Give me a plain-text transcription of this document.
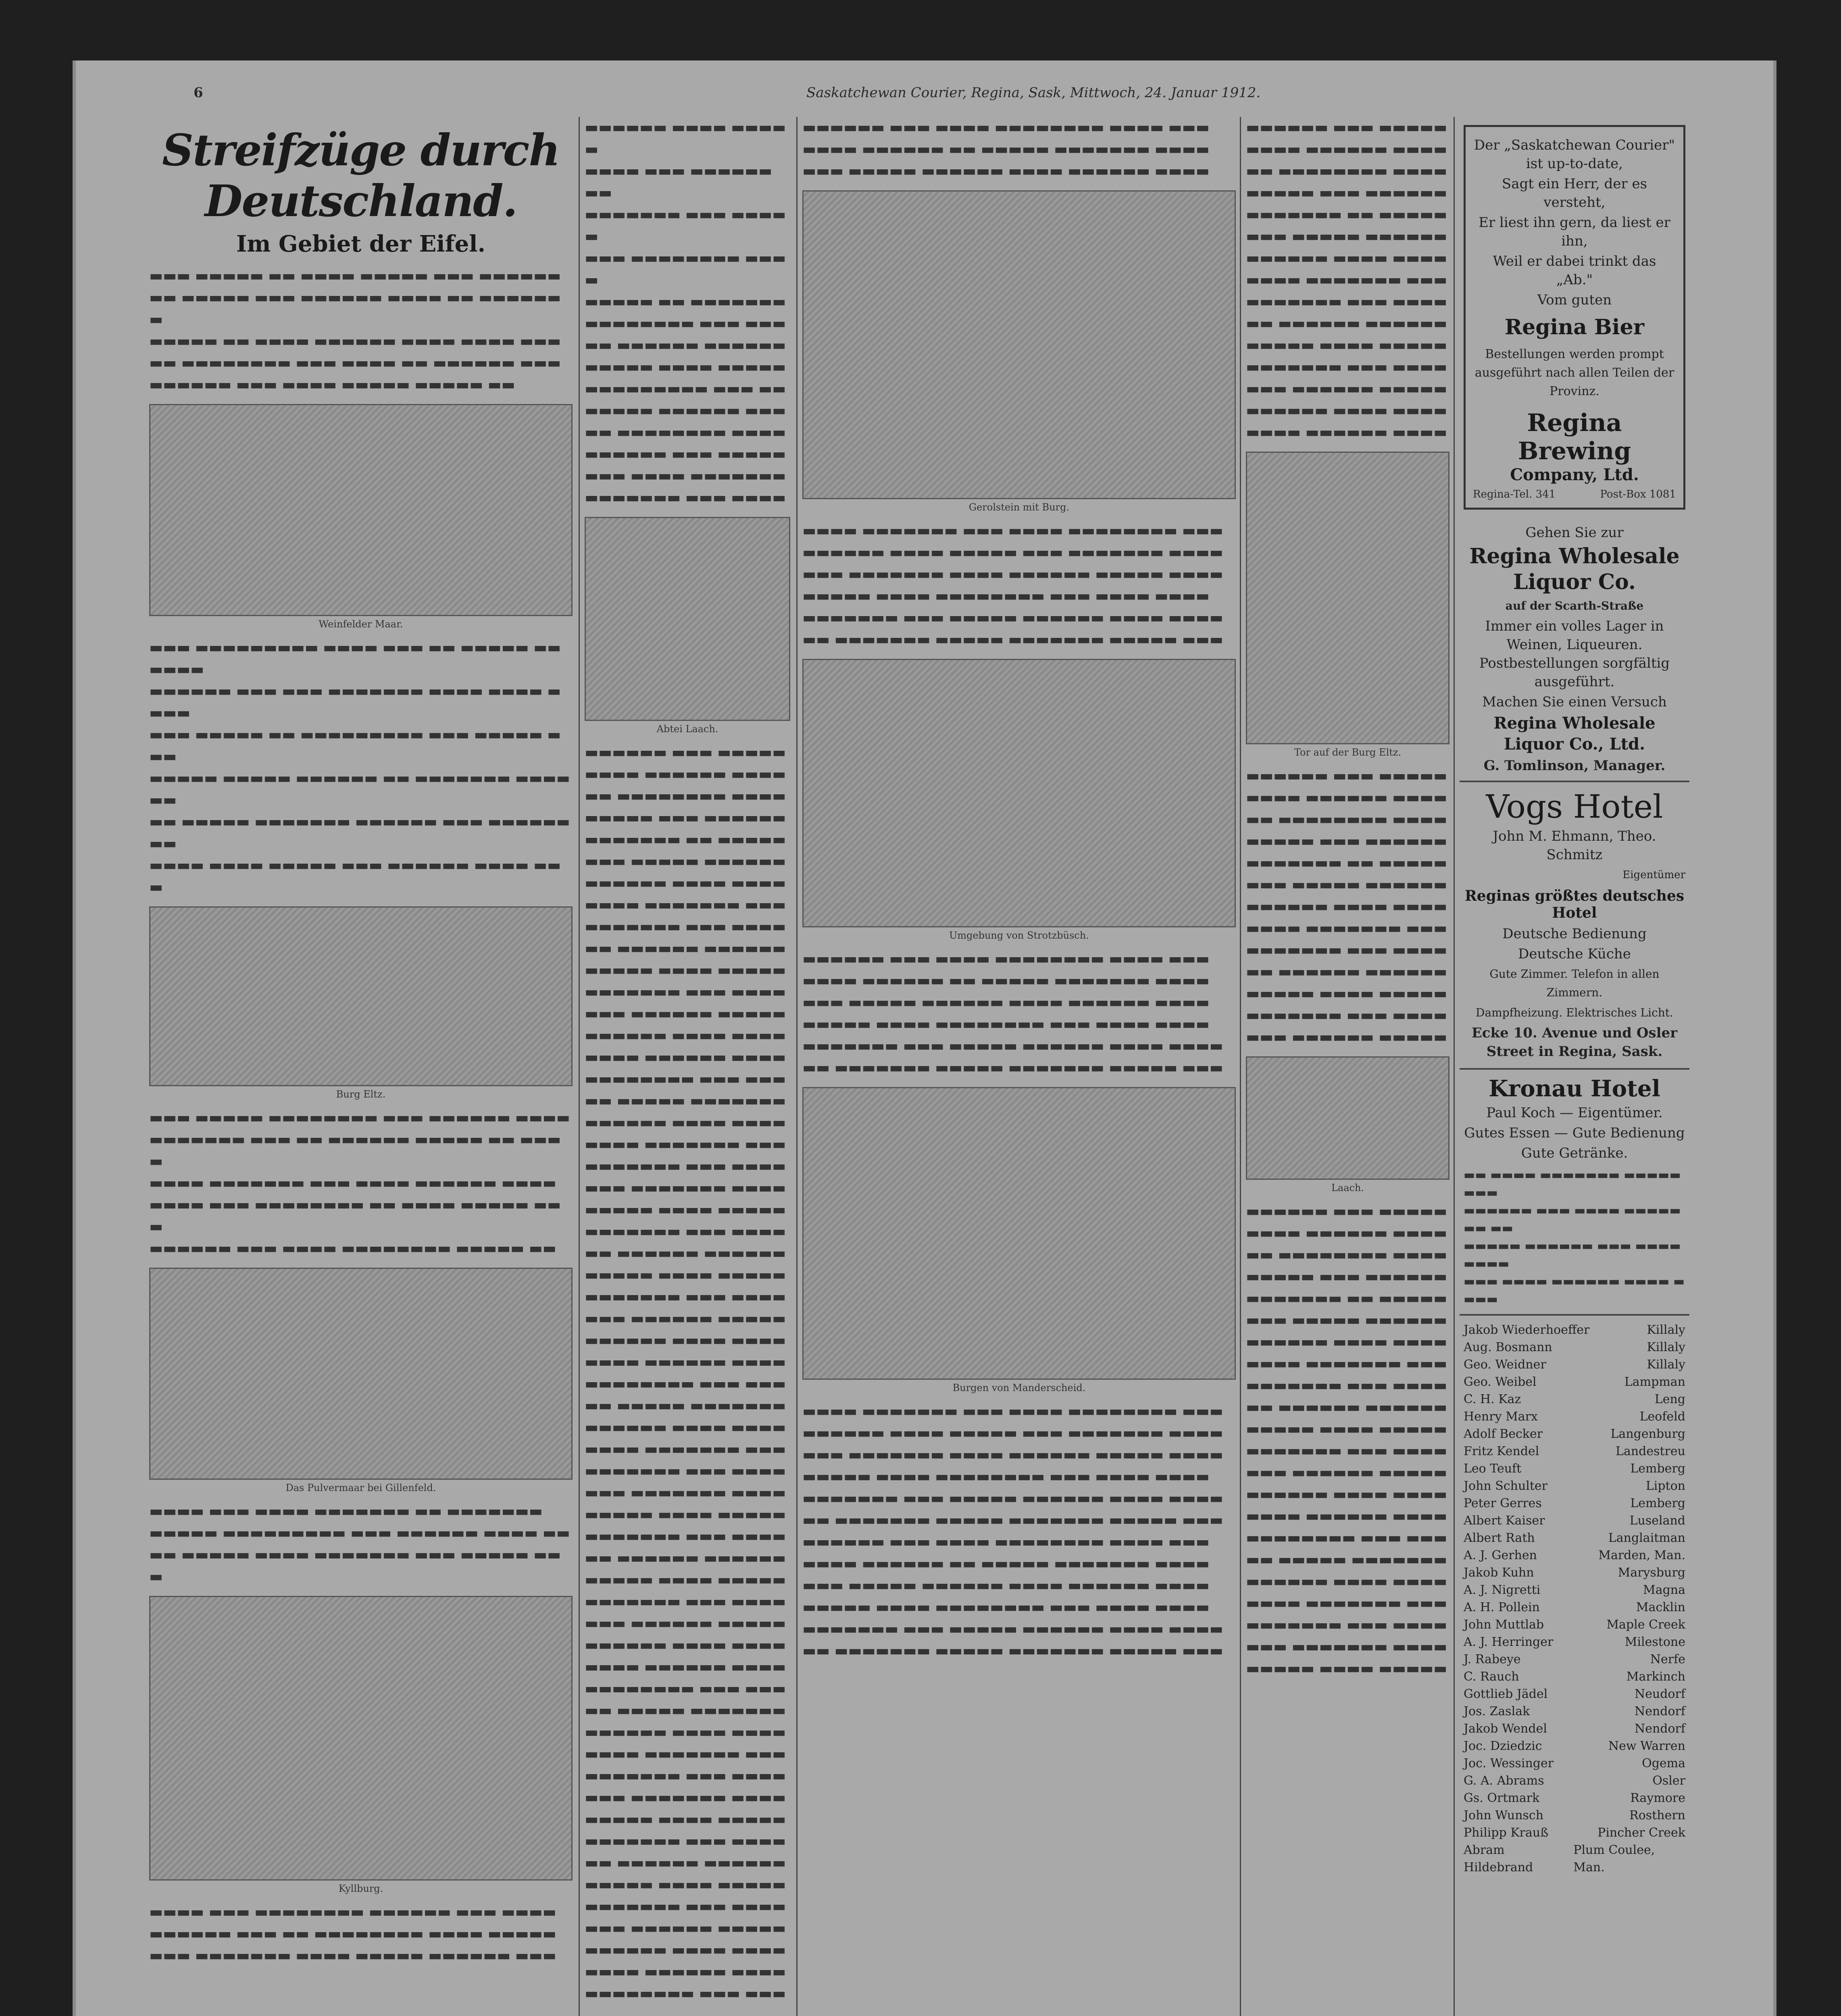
6	Saskatchewan Courier, Regina, Sask, Mittwoch, 24. Januar 1912.
Streifzüge durch Deutschland.
Im Gebiet der Eifel.
▬▬▬ ▬▬▬▬▬ ▬▬ ▬▬▬▬ ▬▬▬▬▬ ▬▬▬ ▬▬▬▬▬▬
▬▬ ▬▬▬▬▬ ▬▬▬ ▬▬▬▬▬▬ ▬▬▬▬ ▬▬ ▬▬▬▬▬▬▬
▬▬▬▬▬ ▬▬ ▬▬▬▬ ▬▬▬▬▬▬ ▬▬▬▬ ▬▬▬▬ ▬▬▬
▬▬ ▬▬▬▬▬▬▬▬ ▬▬▬ ▬▬▬▬ ▬▬ ▬▬▬▬▬▬ ▬▬▬
▬▬▬▬▬▬ ▬▬▬ ▬▬▬▬ ▬▬▬▬▬ ▬▬▬▬▬ ▬▬
Weinfelder Maar.
▬▬▬ ▬▬▬▬▬▬▬▬▬ ▬▬▬▬ ▬▬▬ ▬▬ ▬▬▬▬▬ ▬▬▬▬▬▬
▬▬▬▬▬▬ ▬▬▬ ▬▬▬ ▬▬▬▬▬▬▬ ▬▬▬▬ ▬▬▬▬ ▬▬▬▬
▬▬▬ ▬▬▬▬▬ ▬▬ ▬▬▬▬▬▬▬▬▬ ▬▬▬ ▬▬▬▬▬ ▬▬▬
▬▬▬▬▬ ▬▬▬▬▬ ▬▬▬▬▬▬ ▬▬ ▬▬▬▬▬▬▬ ▬▬▬▬ ▬▬
▬▬ ▬▬▬▬▬ ▬▬▬▬▬▬▬ ▬▬▬▬▬▬ ▬▬▬ ▬▬▬▬▬▬▬▬
▬▬▬▬ ▬▬▬▬ ▬▬▬▬▬ ▬▬▬ ▬▬▬▬▬▬ ▬▬▬▬ ▬▬▬
Burg Eltz.
▬▬▬ ▬▬▬▬▬ ▬▬▬▬▬▬▬▬ ▬▬▬ ▬▬▬▬▬▬ ▬▬▬▬
▬▬▬▬▬▬▬ ▬▬▬ ▬▬ ▬▬▬▬▬▬ ▬▬▬▬▬ ▬▬ ▬▬▬▬
▬▬▬▬ ▬▬▬▬▬▬▬ ▬▬▬ ▬▬▬▬ ▬▬▬▬▬▬ ▬▬▬▬
▬▬▬▬ ▬▬▬ ▬▬▬▬▬▬▬▬ ▬▬ ▬▬▬▬ ▬▬▬▬▬ ▬▬▬
▬▬▬▬▬▬ ▬▬▬ ▬▬▬▬ ▬▬▬▬▬▬▬▬ ▬▬▬▬▬ ▬▬
Das Pulvermaar bei Gillenfeld.
▬▬▬▬ ▬▬▬ ▬▬▬▬ ▬▬▬▬▬▬▬ ▬▬ ▬▬▬▬▬▬▬
▬▬▬▬▬ ▬▬▬▬▬▬▬▬▬ ▬▬▬ ▬▬▬▬▬▬ ▬▬▬▬ ▬▬
▬▬ ▬▬▬▬▬ ▬▬▬▬ ▬▬▬▬▬▬▬ ▬▬▬ ▬▬▬▬▬ ▬▬▬
Kyllburg.
▬▬▬▬ ▬▬▬ ▬▬▬▬▬▬▬▬ ▬▬▬▬▬▬ ▬▬▬ ▬▬▬▬
▬▬▬▬▬▬ ▬▬▬ ▬▬ ▬▬▬▬▬▬▬▬ ▬▬▬▬ ▬▬▬▬▬
▬▬▬ ▬▬▬▬▬▬▬ ▬▬▬▬ ▬▬▬▬▬ ▬▬▬▬▬▬ ▬▬▬
▬▬▬▬▬▬ ▬▬▬▬ ▬▬▬▬▬
▬▬▬▬ ▬▬▬ ▬▬▬▬▬▬ ▬▬
▬▬▬▬▬▬▬ ▬▬▬ ▬▬▬▬▬
▬▬▬ ▬▬▬▬▬▬▬▬ ▬▬▬▬
▬▬▬▬▬ ▬▬ ▬▬▬▬▬▬▬
▬▬▬▬▬▬▬▬ ▬▬▬ ▬▬▬
▬▬ ▬▬▬▬▬▬ ▬▬▬▬▬▬
▬▬▬▬▬ ▬▬▬▬ ▬▬▬▬▬
▬▬▬▬▬▬▬▬▬ ▬▬▬ ▬▬
▬▬▬▬▬ ▬▬▬▬▬▬ ▬▬▬
▬▬ ▬▬▬▬▬▬▬▬ ▬▬▬▬
▬▬▬▬▬▬ ▬▬▬ ▬▬▬▬▬
▬▬▬ ▬▬▬▬ ▬▬▬▬▬▬▬
▬▬▬▬▬▬▬ ▬▬▬ ▬▬▬▬
Abtei Laach.
▬▬▬▬▬▬ ▬▬▬ ▬▬▬▬▬
▬▬▬▬ ▬▬▬▬▬▬ ▬▬▬▬
▬▬ ▬▬▬▬▬▬▬▬ ▬▬▬▬
▬▬▬▬▬ ▬▬▬ ▬▬▬▬▬▬
▬▬▬▬▬▬▬ ▬▬ ▬▬▬▬▬
▬▬▬ ▬▬▬▬▬ ▬▬▬▬▬▬
▬▬▬▬▬▬ ▬▬▬▬ ▬▬▬▬
▬▬▬▬ ▬▬▬▬▬▬▬ ▬▬▬
▬▬▬▬▬▬▬ ▬▬▬ ▬▬▬▬
▬▬ ▬▬▬▬▬▬ ▬▬▬▬▬▬
▬▬▬▬▬ ▬▬▬▬ ▬▬▬▬▬
▬▬▬▬▬▬▬ ▬▬▬ ▬▬▬▬
▬▬▬ ▬▬▬▬▬▬ ▬▬▬▬▬
▬▬▬▬▬▬ ▬▬▬▬ ▬▬▬▬
▬▬▬▬ ▬▬▬▬▬▬ ▬▬▬▬
▬▬▬▬▬▬▬▬ ▬▬▬ ▬▬▬
▬▬ ▬▬▬▬▬ ▬▬▬▬▬▬▬
▬▬▬▬▬▬ ▬▬▬▬ ▬▬▬▬
▬▬▬▬ ▬▬▬▬▬▬▬ ▬▬▬
▬▬▬▬▬▬▬ ▬▬▬ ▬▬▬▬
▬▬▬ ▬▬▬▬▬▬▬ ▬▬▬▬
▬▬▬▬▬ ▬▬▬▬ ▬▬▬▬▬
▬▬▬▬▬▬▬ ▬▬▬ ▬▬▬▬
▬▬ ▬▬▬▬▬▬ ▬▬▬▬▬▬
▬▬▬▬▬ ▬▬▬▬ ▬▬▬▬▬
▬▬▬▬▬▬▬ ▬▬▬ ▬▬▬▬
▬▬▬ ▬▬▬▬▬▬ ▬▬▬▬▬
▬▬▬▬▬▬ ▬▬▬▬ ▬▬▬▬
▬▬▬▬ ▬▬▬▬▬▬ ▬▬▬▬
▬▬▬▬▬▬▬▬ ▬▬▬ ▬▬▬
▬▬ ▬▬▬▬▬ ▬▬▬▬▬▬▬
▬▬▬▬▬▬ ▬▬▬▬ ▬▬▬▬
▬▬▬▬ ▬▬▬▬▬▬▬ ▬▬▬
▬▬▬▬▬▬▬ ▬▬▬ ▬▬▬▬
▬▬▬ ▬▬▬▬▬▬▬ ▬▬▬▬
▬▬▬▬▬ ▬▬▬▬ ▬▬▬▬▬
▬▬▬▬▬▬▬ ▬▬▬ ▬▬▬▬
▬▬ ▬▬▬▬▬▬ ▬▬▬▬▬▬
▬▬▬▬▬ ▬▬▬▬ ▬▬▬▬▬
▬▬▬▬▬▬▬ ▬▬▬ ▬▬▬▬
▬▬▬ ▬▬▬▬▬▬ ▬▬▬▬▬
▬▬▬▬▬▬ ▬▬▬▬ ▬▬▬▬
▬▬▬▬ ▬▬▬▬▬▬ ▬▬▬▬
▬▬▬▬▬▬▬▬ ▬▬▬ ▬▬▬
▬▬ ▬▬▬▬▬ ▬▬▬▬▬▬▬
▬▬▬▬▬▬ ▬▬▬▬ ▬▬▬▬
▬▬▬▬ ▬▬▬▬▬▬▬ ▬▬▬
▬▬▬▬▬▬▬ ▬▬▬ ▬▬▬▬
▬▬▬ ▬▬▬▬▬▬▬ ▬▬▬▬
▬▬▬▬▬ ▬▬▬▬ ▬▬▬▬▬
▬▬▬▬▬▬▬ ▬▬▬ ▬▬▬▬
▬▬ ▬▬▬▬▬▬ ▬▬▬▬▬▬
▬▬▬▬▬ ▬▬▬▬ ▬▬▬▬▬
▬▬▬▬▬▬▬ ▬▬▬ ▬▬▬▬
▬▬▬ ▬▬▬▬▬▬ ▬▬▬▬▬
▬▬▬▬▬▬ ▬▬▬▬ ▬▬▬▬
▬▬▬▬ ▬▬▬▬▬▬ ▬▬▬▬
▬▬▬▬▬▬▬▬ ▬▬▬ ▬▬▬
▬▬▬▬▬▬ ▬▬▬ ▬▬▬▬ ▬▬▬▬▬▬▬▬ ▬▬▬▬ ▬▬▬
▬▬▬▬ ▬▬▬▬▬▬ ▬▬ ▬▬▬▬▬ ▬▬▬▬▬▬▬ ▬▬▬▬
▬▬▬ ▬▬▬▬▬ ▬▬▬▬▬▬ ▬▬▬▬ ▬▬▬▬▬▬ ▬▬▬▬
Gerolstein mit Burg.
▬▬▬▬ ▬▬▬▬▬▬▬ ▬▬▬ ▬▬▬▬ ▬▬▬▬▬▬▬▬ ▬▬▬
▬▬▬▬▬▬ ▬▬▬▬ ▬▬▬▬▬ ▬▬▬ ▬▬▬▬▬▬▬ ▬▬▬▬
▬▬▬ ▬▬▬▬▬▬▬ ▬▬▬▬ ▬▬▬▬▬▬ ▬▬▬▬▬ ▬▬▬▬
▬▬▬▬▬ ▬▬▬▬ ▬▬▬▬▬▬▬▬ ▬▬▬ ▬▬▬▬ ▬▬▬▬
▬▬▬▬▬▬▬ ▬▬▬ ▬▬▬▬▬ ▬▬▬▬▬▬ ▬▬▬▬ ▬▬▬▬
▬▬ ▬▬▬▬▬▬▬ ▬▬▬▬▬ ▬▬▬▬▬▬▬ ▬▬▬▬▬ ▬▬▬
Umgebung von Strotzbüsch.
▬▬▬▬▬▬ ▬▬▬ ▬▬▬▬ ▬▬▬▬▬▬▬▬ ▬▬▬▬ ▬▬▬
▬▬▬▬ ▬▬▬▬▬▬ ▬▬ ▬▬▬▬▬ ▬▬▬▬▬▬▬ ▬▬▬▬
▬▬▬ ▬▬▬▬▬ ▬▬▬▬▬▬ ▬▬▬▬ ▬▬▬▬▬▬ ▬▬▬▬
▬▬▬▬▬ ▬▬▬▬ ▬▬▬▬▬▬▬▬ ▬▬▬ ▬▬▬▬ ▬▬▬▬
▬▬▬▬▬▬▬ ▬▬▬ ▬▬▬▬▬ ▬▬▬▬▬▬ ▬▬▬▬ ▬▬▬▬
▬▬ ▬▬▬▬▬▬▬ ▬▬▬▬▬ ▬▬▬▬▬▬▬ ▬▬▬▬▬ ▬▬▬
Burgen von Manderscheid.
▬▬▬▬ ▬▬▬▬▬▬▬ ▬▬▬ ▬▬▬▬ ▬▬▬▬▬▬▬▬ ▬▬▬
▬▬▬▬▬▬ ▬▬▬▬ ▬▬▬▬▬ ▬▬▬ ▬▬▬▬▬▬▬ ▬▬▬▬
▬▬▬ ▬▬▬▬▬▬▬ ▬▬▬▬ ▬▬▬▬▬▬ ▬▬▬▬▬ ▬▬▬▬
▬▬▬▬▬ ▬▬▬▬ ▬▬▬▬▬▬▬▬ ▬▬▬ ▬▬▬▬ ▬▬▬▬
▬▬▬▬▬▬▬ ▬▬▬ ▬▬▬▬▬ ▬▬▬▬▬▬ ▬▬▬▬ ▬▬▬▬
▬▬ ▬▬▬▬▬▬▬ ▬▬▬▬▬ ▬▬▬▬▬▬▬ ▬▬▬▬▬ ▬▬▬
▬▬▬▬▬▬ ▬▬▬ ▬▬▬▬ ▬▬▬▬▬▬▬▬ ▬▬▬▬ ▬▬▬
▬▬▬▬ ▬▬▬▬▬▬ ▬▬ ▬▬▬▬▬ ▬▬▬▬▬▬▬ ▬▬▬▬
▬▬▬ ▬▬▬▬▬ ▬▬▬▬▬▬ ▬▬▬▬ ▬▬▬▬▬▬ ▬▬▬▬
▬▬▬▬▬ ▬▬▬▬ ▬▬▬▬▬▬▬▬ ▬▬▬ ▬▬▬▬ ▬▬▬▬
▬▬▬▬▬▬▬ ▬▬▬ ▬▬▬▬▬ ▬▬▬▬▬▬ ▬▬▬▬ ▬▬▬▬
▬▬ ▬▬▬▬▬▬▬ ▬▬▬▬▬ ▬▬▬▬▬▬▬ ▬▬▬▬▬ ▬▬▬
▬▬▬▬▬▬ ▬▬▬ ▬▬▬▬▬
▬▬▬▬ ▬▬▬▬▬▬ ▬▬▬▬
▬▬ ▬▬▬▬▬▬▬▬ ▬▬▬▬
▬▬▬▬▬ ▬▬▬ ▬▬▬▬▬▬
▬▬▬▬▬▬▬ ▬▬ ▬▬▬▬▬
▬▬▬ ▬▬▬▬▬ ▬▬▬▬▬▬
▬▬▬▬▬▬ ▬▬▬▬ ▬▬▬▬
▬▬▬▬ ▬▬▬▬▬▬▬ ▬▬▬
▬▬▬▬▬▬▬ ▬▬▬ ▬▬▬▬
▬▬ ▬▬▬▬▬▬ ▬▬▬▬▬▬
▬▬▬▬▬ ▬▬▬▬ ▬▬▬▬▬
▬▬▬▬▬▬▬ ▬▬▬ ▬▬▬▬
▬▬▬ ▬▬▬▬▬▬ ▬▬▬▬▬
▬▬▬▬▬▬ ▬▬▬▬ ▬▬▬▬
▬▬▬▬ ▬▬▬▬▬▬ ▬▬▬▬
Tor auf der Burg Eltz.
▬▬▬▬▬▬ ▬▬▬ ▬▬▬▬▬
▬▬▬▬ ▬▬▬▬▬▬ ▬▬▬▬
▬▬ ▬▬▬▬▬▬▬▬ ▬▬▬▬
▬▬▬▬▬ ▬▬▬ ▬▬▬▬▬▬
▬▬▬▬▬▬▬ ▬▬ ▬▬▬▬▬
▬▬▬ ▬▬▬▬▬ ▬▬▬▬▬▬
▬▬▬▬▬▬ ▬▬▬▬ ▬▬▬▬
▬▬▬▬ ▬▬▬▬▬▬▬ ▬▬▬
▬▬▬▬▬▬▬ ▬▬▬ ▬▬▬▬
▬▬ ▬▬▬▬▬▬ ▬▬▬▬▬▬
▬▬▬▬▬ ▬▬▬▬ ▬▬▬▬▬
▬▬▬▬▬▬▬ ▬▬▬ ▬▬▬▬
▬▬▬ ▬▬▬▬▬▬ ▬▬▬▬▬
Laach.
▬▬▬▬▬▬ ▬▬▬ ▬▬▬▬▬
▬▬▬▬ ▬▬▬▬▬▬ ▬▬▬▬
▬▬ ▬▬▬▬▬▬▬▬ ▬▬▬▬
▬▬▬▬▬ ▬▬▬ ▬▬▬▬▬▬
▬▬▬▬▬▬▬ ▬▬ ▬▬▬▬▬
▬▬▬ ▬▬▬▬▬ ▬▬▬▬▬▬
▬▬▬▬▬▬ ▬▬▬▬ ▬▬▬▬
▬▬▬▬ ▬▬▬▬▬▬▬ ▬▬▬
▬▬▬▬▬▬▬ ▬▬▬ ▬▬▬▬
▬▬ ▬▬▬▬▬▬ ▬▬▬▬▬▬
▬▬▬▬▬ ▬▬▬▬ ▬▬▬▬▬
▬▬▬▬▬▬▬ ▬▬▬ ▬▬▬▬
▬▬▬ ▬▬▬▬▬▬ ▬▬▬▬▬
▬▬▬▬▬▬ ▬▬▬▬ ▬▬▬▬
▬▬▬▬ ▬▬▬▬▬▬ ▬▬▬▬
▬▬▬▬▬▬▬▬ ▬▬▬ ▬▬▬
▬▬ ▬▬▬▬▬ ▬▬▬▬▬▬▬
▬▬▬▬▬▬ ▬▬▬▬ ▬▬▬▬
▬▬▬▬ ▬▬▬▬▬▬▬ ▬▬▬
▬▬▬▬▬▬▬ ▬▬▬ ▬▬▬▬
▬▬▬ ▬▬▬▬▬▬▬ ▬▬▬▬
▬▬▬▬▬ ▬▬▬▬ ▬▬▬▬▬
Der „Saskatchewan Courier" ist up-to-date,
Sagt ein Herr, der es versteht,
Er liest ihn gern, da liest er ihn,
Weil er dabei trinkt das „Ab."
Vom guten
Regina Bier
Bestellungen werden prompt ausgeführt nach allen Teilen der Provinz.
Regina Brewing
Company, Ltd.
Regina-Tel. 341	Post-Box 1081
Gehen Sie zur
Regina Wholesale Liquor Co.
auf der Scarth-Straße
Immer ein volles Lager in Weinen, Liqueuren. Postbestellungen sorgfältig ausgeführt.
Machen Sie einen Versuch
Regina Wholesale Liquor Co., Ltd.
G. Tomlinson, Manager.
Vogs Hotel
John M. Ehmann, Theo. Schmitz
Eigentümer
Reginas größtes deutsches Hotel
Deutsche Bedienung
Deutsche Küche
Gute Zimmer. Telefon in allen Zimmern.
Dampfheizung. Elektrisches Licht.
Ecke 10. Avenue und Osler Street in Regina, Sask.
Kronau Hotel
Paul Koch — Eigentümer.
Gutes Essen — Gute Bedienung
Gute Getränke.
▬▬ ▬▬▬▬ ▬▬▬▬▬▬▬ ▬▬▬▬▬▬▬▬
▬▬▬▬▬▬ ▬▬▬ ▬▬▬▬ ▬▬▬▬▬▬▬ ▬▬
▬▬▬▬▬ ▬▬▬▬▬▬ ▬▬▬ ▬▬▬▬▬▬▬▬
▬▬▬ ▬▬▬▬ ▬▬▬▬▬▬ ▬▬▬▬ ▬▬▬▬
Jakob Wiederhoeffer	Killaly
Aug. Bosmann	Killaly
Geo. Weidner	Killaly
Geo. Weibel	Lampman
C. H. Kaz	Leng
Henry Marx	Leofeld
Adolf Becker	Langenburg
Fritz Kendel	Landestreu
Leo Teuft	Lemberg
John Schulter	Lipton
Peter Gerres	Lemberg
Albert Kaiser	Luseland
Albert Rath	Langlaitman
A. J. Gerhen	Marden, Man.
Jakob Kuhn	Marysburg
A. J. Nigretti	Magna
A. H. Pollein	Macklin
John Muttlab	Maple Creek
A. J. Herringer	Milestone
J. Rabeye	Nerfe
C. Rauch	Markinch
Gottlieb Jädel	Neudorf
Jos. Zaslak	Nendorf
Jakob Wendel	Nendorf
Joc. Dziedzic	New Warren
Joc. Wessinger	Ogema
G. A. Abrams	Osler
Gs. Ortmark	Raymore
John Wunsch	Rosthern
Philipp Krauß	Pincher Creek
Abram Hildebrand
Plum Coulee, Man.
